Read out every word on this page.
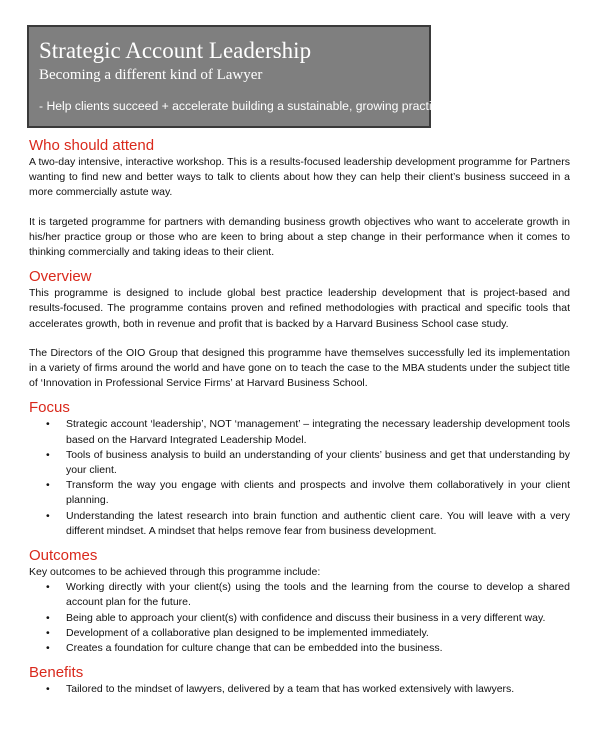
Strategic Account Leadership
Becoming a different kind of Lawyer
- Help clients succeed + accelerate building a sustainable, growing practice
Who should attend

A two-day intensive, interactive workshop. This is a results-focused leadership development programme for Partners wanting to find new and better ways to talk to clients about how they can help their client’s business succeed in a more commercially astute way.

It is targeted programme for partners with demanding business growth objectives who want to accelerate growth in his/her practice group or those who are keen to bring about a step change in their performance when it comes to thinking commercially and taking ideas to their client.

Overview

This programme is designed to include global best practice leadership development that is project-based and results-focused. The programme contains proven and refined methodologies with practical and specific tools that accelerates growth, both in revenue and profit that is backed by a Harvard Business School case study.

The Directors of the OIO Group that designed this programme have themselves successfully led its implementation in a variety of firms around the world and have gone on to teach the case to the MBA students under the subject title of ‘Innovation in Professional Service Firms’ at Harvard Business School.

Focus
• Strategic account ‘leadership’, NOT ‘management’ – integrating the necessary leadership development tools based on the Harvard Integrated Leadership Model.
• Tools of business analysis to build an understanding of your clients’ business and get that understanding by your client.
• Transform the way you engage with clients and prospects and involve them collaboratively in your client planning.
• Understanding the latest research into brain function and authentic client care. You will leave with a very different mindset. A mindset that helps remove fear from business development.
Outcomes

Key outcomes to be achieved through this programme include:

• Working directly with your client(s) using the tools and the learning from the course to develop a shared account plan for the future.
• Being able to approach your client(s) with confidence and discuss their business in a very different way.
• Development of a collaborative plan designed to be implemented immediately.
• Creates a foundation for culture change that can be embedded into the business.
Benefits
• Tailored to the mindset of lawyers, delivered by a team that has worked extensively with lawyers.
